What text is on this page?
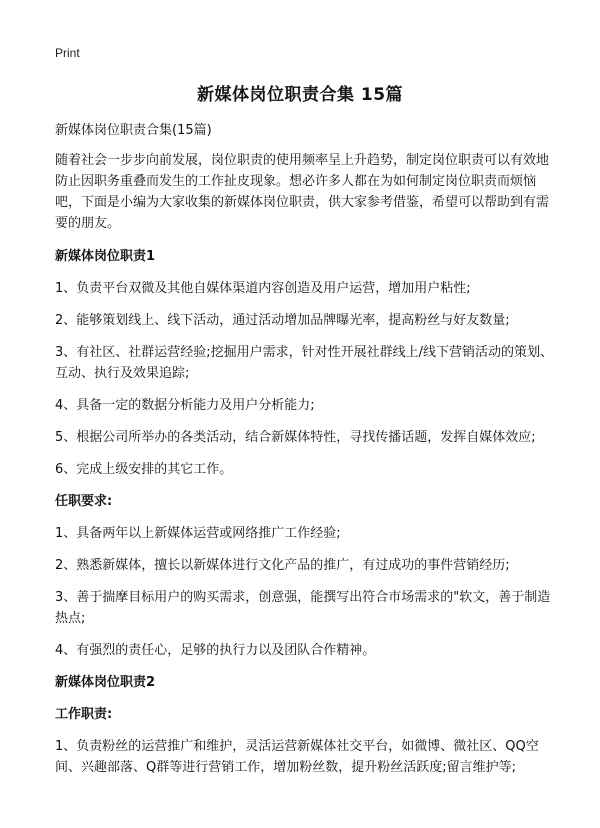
Print
新媒体岗位职责合集 15篇

新媒体岗位职责合集(15篇)

随着社会一步步向前发展，岗位职责的使用频率呈上升趋势，制定岗位职责可以有效地防止因职务重叠而发生的工作扯皮现象。想必许多人都在为如何制定岗位职责而烦恼吧，下面是小编为大家收集的新媒体岗位职责，供大家参考借鉴，希望可以帮助到有需要的朋友。

新媒体岗位职责1

1、负责平台双微及其他自媒体渠道内容创造及用户运营，增加用户粘性;

2、能够策划线上、线下活动，通过活动增加品牌曝光率，提高粉丝与好友数量;

3、有社区、社群运营经验;挖掘用户需求，针对性开展社群线上/线下营销活动的策划、互动、执行及效果追踪;

4、具备一定的数据分析能力及用户分析能力;

5、根据公司所举办的各类活动，结合新媒体特性，寻找传播话题，发挥自媒体效应;

6、完成上级安排的其它工作。

任职要求:

1、具备两年以上新媒体运营或网络推广工作经验;

2、熟悉新媒体，擅长以新媒体进行文化产品的推广，有过成功的事件营销经历;

3、善于揣摩目标用户的购买需求，创意强，能撰写出符合市场需求的"软文，善于制造热点;

4、有强烈的责任心，足够的执行力以及团队合作精神。

新媒体岗位职责2

工作职责:

1、负责粉丝的运营推广和维护，灵活运营新媒体社交平台，如微博、微社区、QQ空间、兴趣部落、Q群等进行营销工作，增加粉丝数，提升粉丝活跃度;留言维护等;
